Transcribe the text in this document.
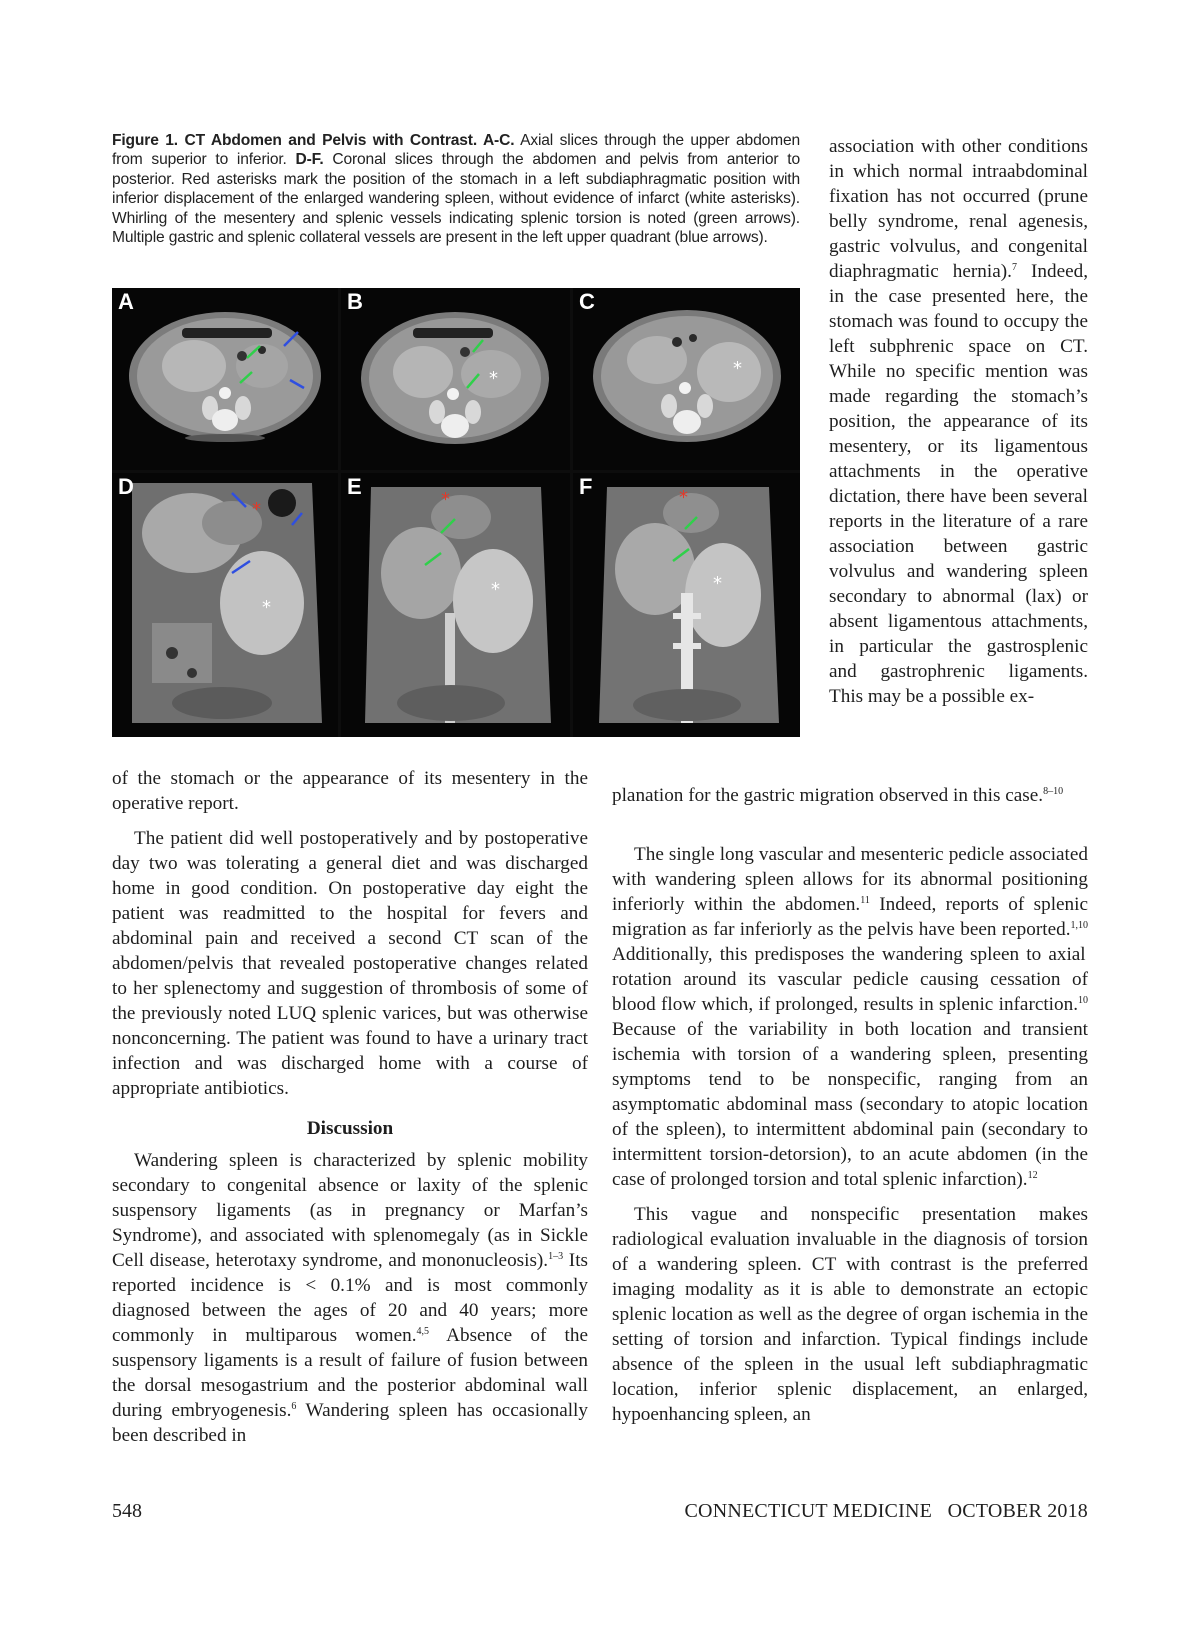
Figure 1. CT Abdomen and Pelvis with Contrast. A-C. Axial slices through the upper abdomen from superior to inferior. D-F. Coronal slices through the abdomen and pelvis from anterior to posterior. Red asterisks mark the position of the stomach in a left subdiaphragmatic position with inferior displacement of the enlarged wandering spleen, without evidence of infarct (white asterisks). Whirling of the mesentery and splenic vessels indicating splenic torsion is noted (green arrows). Multiple gastric and splenic collateral vessels are present in the left upper quadrant (blue arrows).
A
*
B
*
C
*
*
D
*
*
E	*
*
F

association with other conditions in which normal intraabdominal fixation has not occurred (prune belly syndrome, renal agenesis, gastric volvulus, and congenital diaphragmatic hernia).$^7$ Indeed, in the case presented here, the stomach was found to occupy the left subphrenic space on CT. While no specific mention was made regarding the stomach’s position, the appearance of its mesentery, or its ligamentous attachments in the operative dictation, there have been several reports in the literature of a rare association between gastric volvulus and wandering spleen secondary to abnormal (lax) or absent ligamentous attachments, in particular the gastrosplenic and gastrophrenic ligaments. This may be a possible ex-

planation for the gastric migration observed in this case.$^{8-10}$

of the stomach or the appearance of its mesentery in the operative report.

The patient did well postoperatively and by postoperative day two was tolerating a general diet and was discharged home in good condition. On postoperative day eight the patient was readmitted to the hospital for fevers and abdominal pain and received a second CT scan of the abdomen/pelvis that revealed postoperative changes related to her splenectomy and suggestion of thrombosis of some of the previously noted LUQ splenic varices, but was otherwise nonconcerning. The patient was found to have a urinary tract infection and was discharged home with a course of appropriate antibiotics.

Discussion

Wandering spleen is characterized by splenic mobility secondary to congenital absence or laxity of the splenic suspensory ligaments (as in pregnancy or Marfan’s Syndrome), and associated with splenomegaly (as in Sickle Cell disease, heterotaxy syndrome, and mononucleosis).$^{1-3}$ Its reported incidence is < 0.1% and is most commonly diagnosed between the ages of 20 and 40 years; more commonly in multiparous women.$^{4,5}$ Absence of the suspensory ligaments is a result of failure of fusion between the dorsal mesogastrium and the posterior abdominal wall during embryogenesis.$^6$ Wandering spleen has occasionally been described in

The single long vascular and mesenteric pedicle associated with wandering spleen allows for its abnormal positioning inferiorly within the abdomen.$^{11}$ Indeed, reports of splenic migration as far inferiorly as the pelvis have been reported.$^{1,10}$ Additionally, this predisposes the wandering spleen to axial rotation around its vascular pedicle causing cessation of blood flow which, if prolonged, results in splenic infarction.$^{10}$ Because of the variability in both location and transient ischemia with torsion of a wandering spleen, presenting symptoms tend to be nonspecific, ranging from an asymptomatic abdominal mass (secondary to atopic location of the spleen), to intermittent abdominal pain (secondary to intermittent torsion-detorsion), to an acute abdomen (in the case of prolonged torsion and total splenic infarction).$^{12}$

This vague and nonspecific presentation makes radiological evaluation invaluable in the diagnosis of torsion of a wandering spleen. CT with contrast is the preferred imaging modality as it is able to demonstrate an ectopic splenic location as well as the degree of organ ischemia in the setting of torsion and infarction. Typical findings include absence of the spleen in the usual left subdiaphragmatic location, inferior splenic displacement, an enlarged, hypoenhancing spleen, an

548	CONNECTICUT MEDICINE   OCTOBER 2018
